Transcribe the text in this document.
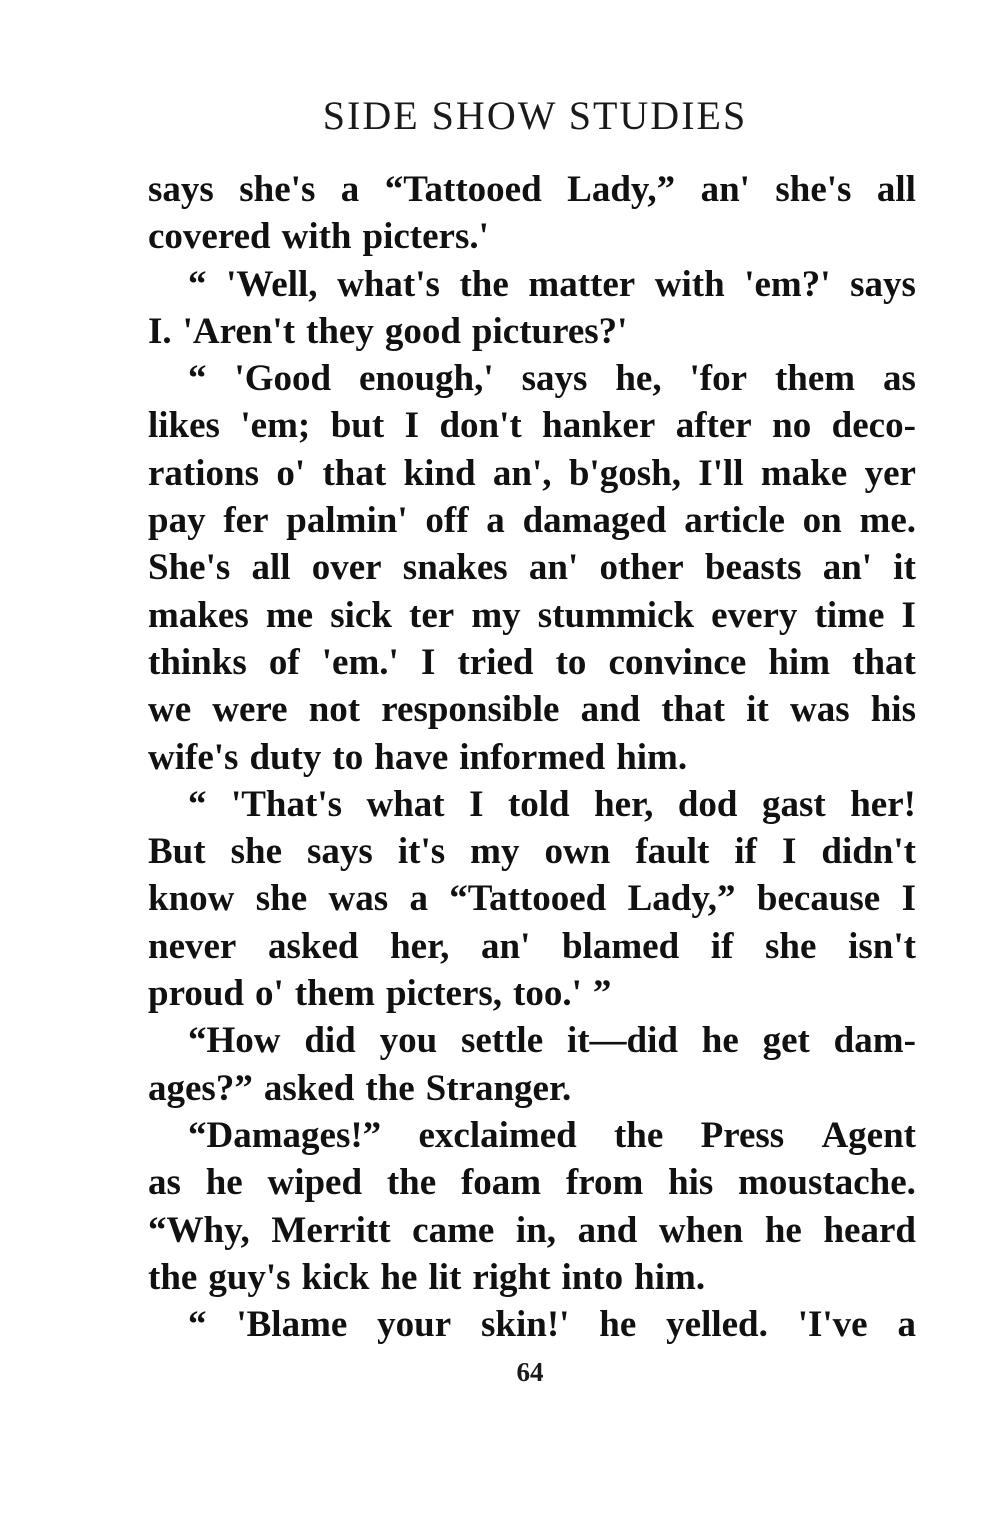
SIDE SHOW STUDIES
says she's a “Tattooed Lady,” an' she's all
covered with picters.'
“ 'Well, what's the matter with 'em?' says
I. 'Aren't they good pictures?'
“ 'Good enough,' says he, 'for them as
likes 'em; but I don't hanker after no deco-
rations o' that kind an', b'gosh, I'll make yer
pay fer palmin' off a damaged article on me.
She's all over snakes an' other beasts an' it
makes me sick ter my stummick every time I
thinks of 'em.' I tried to convince him that
we were not responsible and that it was his
wife's duty to have informed him.
“ 'That's what I told her, dod gast her!
But she says it's my own fault if I didn't
know she was a “Tattooed Lady,” because I
never asked her, an' blamed if she isn't
proud o' them picters, too.' ”
“How did you settle it—did he get dam-
ages?” asked the Stranger.
“Damages!” exclaimed the Press Agent
as he wiped the foam from his moustache.
“Why, Merritt came in, and when he heard
the guy's kick he lit right into him.
“ 'Blame your skin!' he yelled. 'I've a
64
